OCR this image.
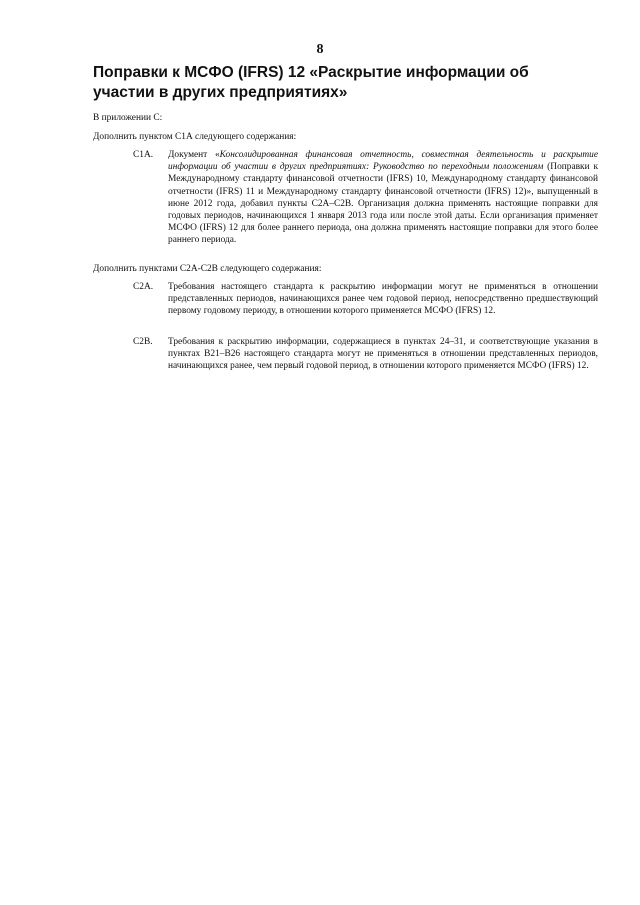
8
Поправки к МСФО (IFRS) 12 «Раскрытие информации об участии в других предприятиях»

В приложении С:

Дополнить пунктом С1А следующего содержания:

С1А.	Документ «Консолидированная финансовая отчетность, совместная деятельность и раскрытие информации об участии в других предприятиях: Руководство по переходным положениям (Поправки к Международному стандарту финансовой отчетности (IFRS) 10, Международному стандарту финансовой отчетности (IFRS) 11 и Международному стандарту финансовой отчетности (IFRS) 12)», выпущенный в июне 2012 года, добавил пункты С2А–С2В. Организация должна применять настоящие поправки для годовых периодов, начинающихся 1 января 2013 года или после этой даты. Если организация применяет МСФО (IFRS) 12 для более раннего периода, она должна применять настоящие поправки для этого более раннего периода.

Дополнить пунктами С2А-С2В следующего содержания:

С2А.	Требования настоящего стандарта к раскрытию информации могут не применяться в отношении представленных периодов, начинающихся ранее чем годовой период, непосредственно предшествующий первому годовому периоду, в отношении которого применяется МСФО (IFRS) 12.
С2В.	Требования к раскрытию информации, содержащиеся в пунктах 24–31, и соответствующие указания в пунктах В21–В26 настоящего стандарта могут не применяться в отношении представленных периодов, начинающихся ранее, чем первый годовой период, в отношении которого применяется МСФО (IFRS) 12.
